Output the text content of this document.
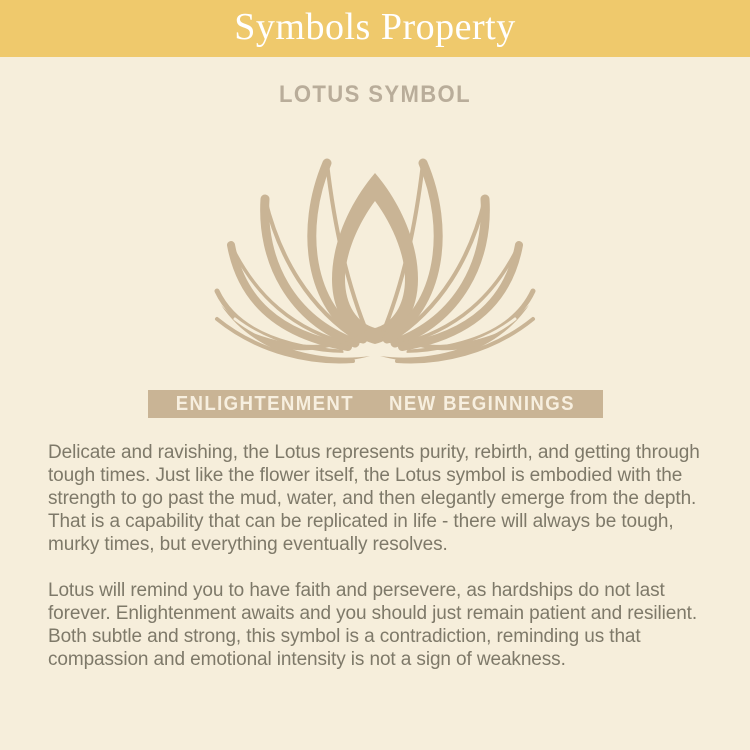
Symbols Property
LOTUS SYMBOL
ENLIGHTENMENT NEW BEGINNINGS

Delicate and ravishing, the Lotus represents purity, rebirth, and getting through tough times. Just like the flower itself, the Lotus symbol is embodied with the strength to go past the mud, water, and then elegantly emerge from the depth. That is a capability that can be replicated in life - there will always be tough, murky times, but everything eventually resolves.

Lotus will remind you to have faith and persevere, as hardships do not last forever. Enlightenment awaits and you should just remain patient and resilient. Both subtle and strong, this symbol is a contradiction, reminding us that compassion and emotional intensity is not a sign of weakness.
